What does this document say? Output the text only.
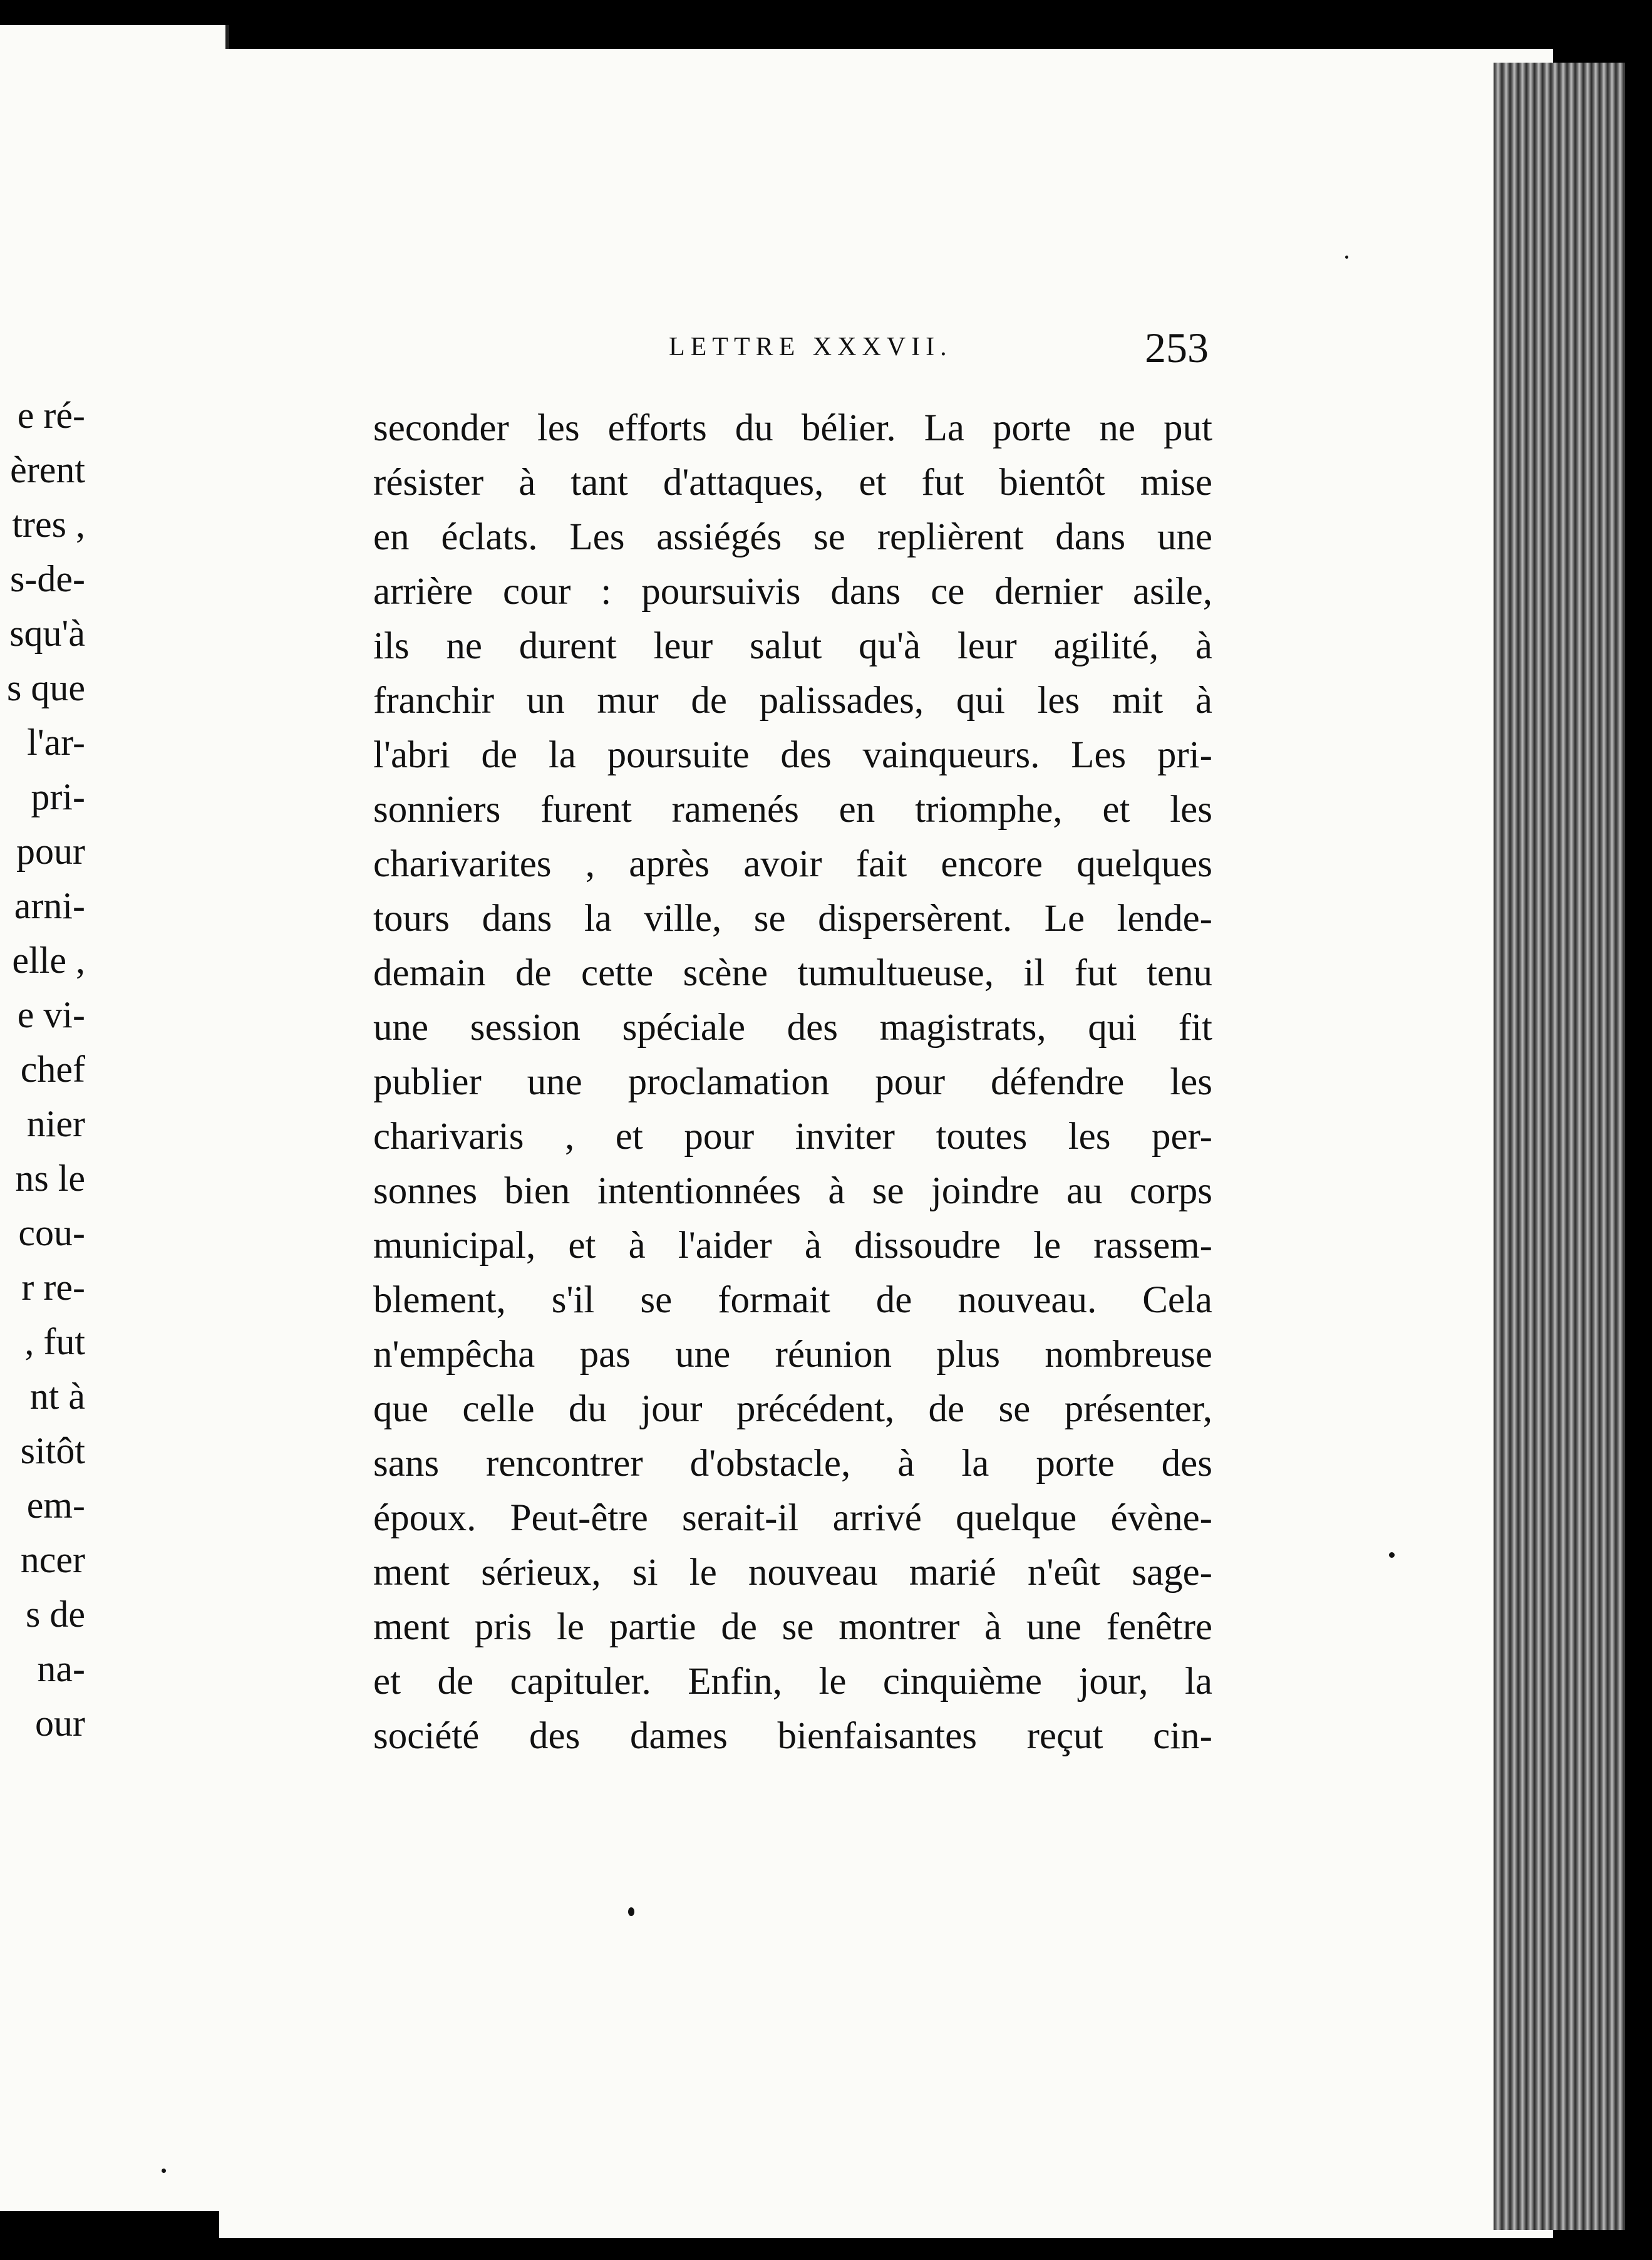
e ré-
èrent
tres ,
s-de-
squ'à
s que
l'ar-
pri-
pour
arni-
elle ,
e vi-
chef
nier
ns le
cou-
r re-
, fut
nt à
sitôt
em-
ncer
s de
na-
our
LETTRE XXXVII.	253
seconder les efforts du bélier. La porte ne put
résister à tant d'attaques, et fut bientôt mise
en éclats. Les assiégés se replièrent dans une
arrière cour : poursuivis dans ce dernier asile,
ils ne durent leur salut qu'à leur agilité, à
franchir un mur de palissades, qui les mit à
l'abri de la poursuite des vainqueurs. Les pri-
sonniers furent ramenés en triomphe, et les
charivarites , après avoir fait encore quelques
tours dans la ville, se dispersèrent. Le lende-
demain de cette scène tumultueuse, il fut tenu
une session spéciale des magistrats, qui fit
publier une proclamation pour défendre les
charivaris , et pour inviter toutes les per-
sonnes bien intentionnées à se joindre au corps
municipal, et à l'aider à dissoudre le rassem-
blement, s'il se formait de nouveau. Cela
n'empêcha pas une réunion plus nombreuse
que celle du jour précédent, de se présenter,
sans rencontrer d'obstacle, à la porte des
époux. Peut-être serait-il arrivé quelque évène-
ment sérieux, si le nouveau marié n'eût sage-
ment pris le partie de se montrer à une fenêtre
et de capituler. Enfin, le cinquième jour, la
société des dames bienfaisantes reçut cin-
